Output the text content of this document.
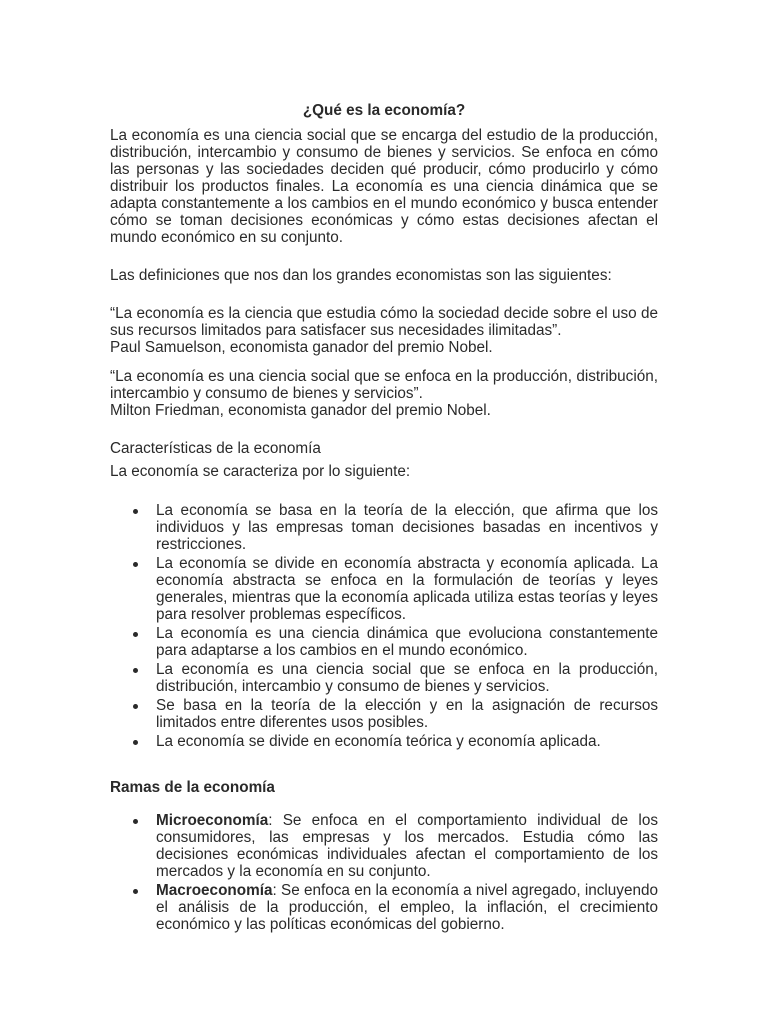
¿Qué es la economía?

La economía es una ciencia social que se encarga del estudio de la producción, distribución, intercambio y consumo de bienes y servicios. Se enfoca en cómo las personas y las sociedades deciden qué producir, cómo producirlo y cómo distribuir los productos finales. La economía es una ciencia dinámica que se adapta constantemente a los cambios en el mundo económico y busca entender cómo se toman decisiones económicas y cómo estas decisiones afectan el mundo económico en su conjunto.

Las definiciones que nos dan los grandes economistas son las siguientes:

“La economía es la ciencia que estudia cómo la sociedad decide sobre el uso de sus recursos limitados para satisfacer sus necesidades ilimitadas”.
Paul Samuelson, economista ganador del premio Nobel.
“La economía es una ciencia social que se enfoca en la producción, distribución, intercambio y consumo de bienes y servicios”.
Milton Friedman, economista ganador del premio Nobel.

Características de la economía

La economía se caracteriza por lo siguiente:

La economía se basa en la teoría de la elección, que afirma que los individuos y las empresas toman decisiones basadas en incentivos y restricciones.
La economía se divide en economía abstracta y economía aplicada. La economía abstracta se enfoca en la formulación de teorías y leyes generales, mientras que la economía aplicada utiliza estas teorías y leyes para resolver problemas específicos.
La economía es una ciencia dinámica que evoluciona constantemente para adaptarse a los cambios en el mundo económico.
La economía es una ciencia social que se enfoca en la producción, distribución, intercambio y consumo de bienes y servicios.
Se basa en la teoría de la elección y en la asignación de recursos limitados entre diferentes usos posibles.
La economía se divide en economía teórica y economía aplicada.

Ramas de la economía

Microeconomía: Se enfoca en el comportamiento individual de los consumidores, las empresas y los mercados. Estudia cómo las decisiones económicas individuales afectan el comportamiento de los mercados y la economía en su conjunto.
Macroeconomía: Se enfoca en la economía a nivel agregado, incluyendo el análisis de la producción, el empleo, la inflación, el crecimiento económico y las políticas económicas del gobierno.
